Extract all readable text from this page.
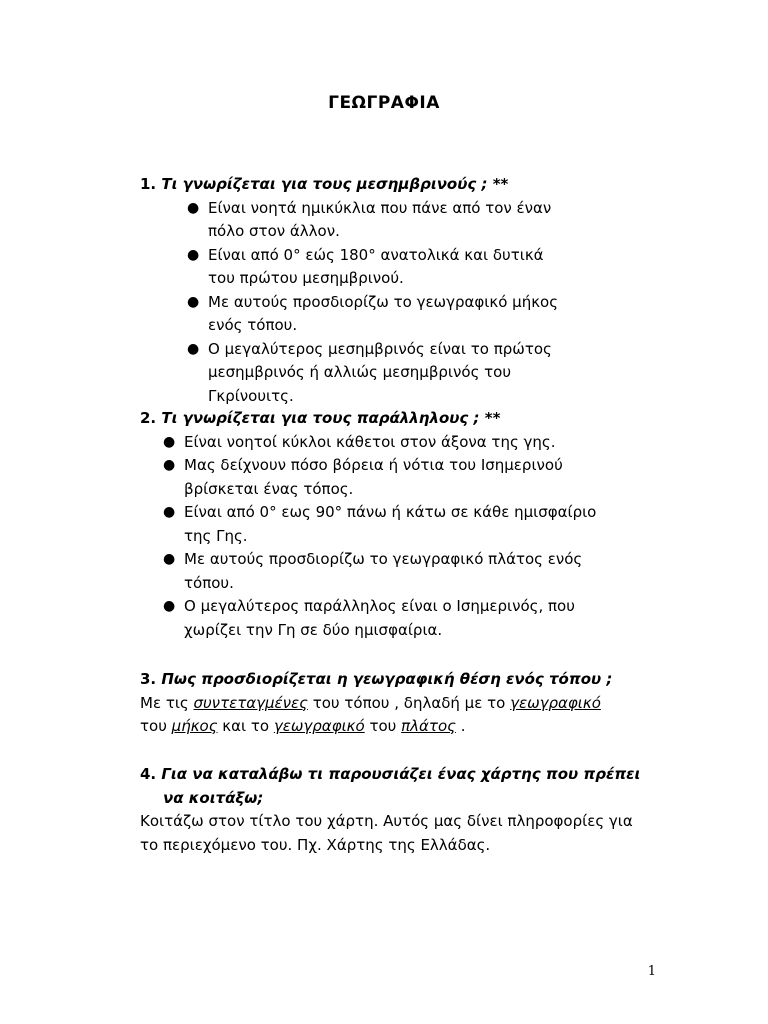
ΓΕΩΓΡΑΦΙΑ
1. Τι γνωρίζεται για τους μεσημβρινούς ; **
● Είναι νοητά ημικύκλια που πάνε από τον έναν πόλο στον άλλον.
● Είναι από 0° εώς 180° ανατολικά και δυτικά του πρώτου μεσημβρινού.
● Με αυτούς προσδιορίζω το γεωγραφικό μήκος ενός τόπου.
● Ο μεγαλύτερος μεσημβρινός είναι το πρώτος μεσημβρινός ή αλλιώς μεσημβρινός του Γκρίνουιτς.
2. Τι γνωρίζεται για τους παράλληλους ; **
● Είναι νοητοί κύκλοι κάθετοι στον άξονα της γης.
● Μας δείχνουν πόσο βόρεια ή νότια του Ισημερινού βρίσκεται ένας τόπος.
● Είναι από 0° εως 90° πάνω ή κάτω σε κάθε ημισφαίριο της Γης.
● Με αυτούς προσδιορίζω το γεωγραφικό πλάτος ενός τόπου.
● Ο μεγαλύτερος παράλληλος είναι ο Ισημερινός, που χωρίζει την Γη σε δύο ημισφαίρια.
3. Πως προσδιορίζεται η γεωγραφική θέση ενός τόπου ;
Με τις συντεταγμένες του τόπου , δηλαδή με το γεωγραφικό
του μήκος και το γεωγραφικό του πλάτος .
4. Για να καταλάβω τι παρουσιάζει ένας χάρτης που πρέπει
να κοιτάξω;
Κοιτάζω στον τίτλο του χάρτη. Αυτός μας δίνει πληροφορίες για
το περιεχόμενο του. Πχ. Χάρτης της Ελλάδας.
1
